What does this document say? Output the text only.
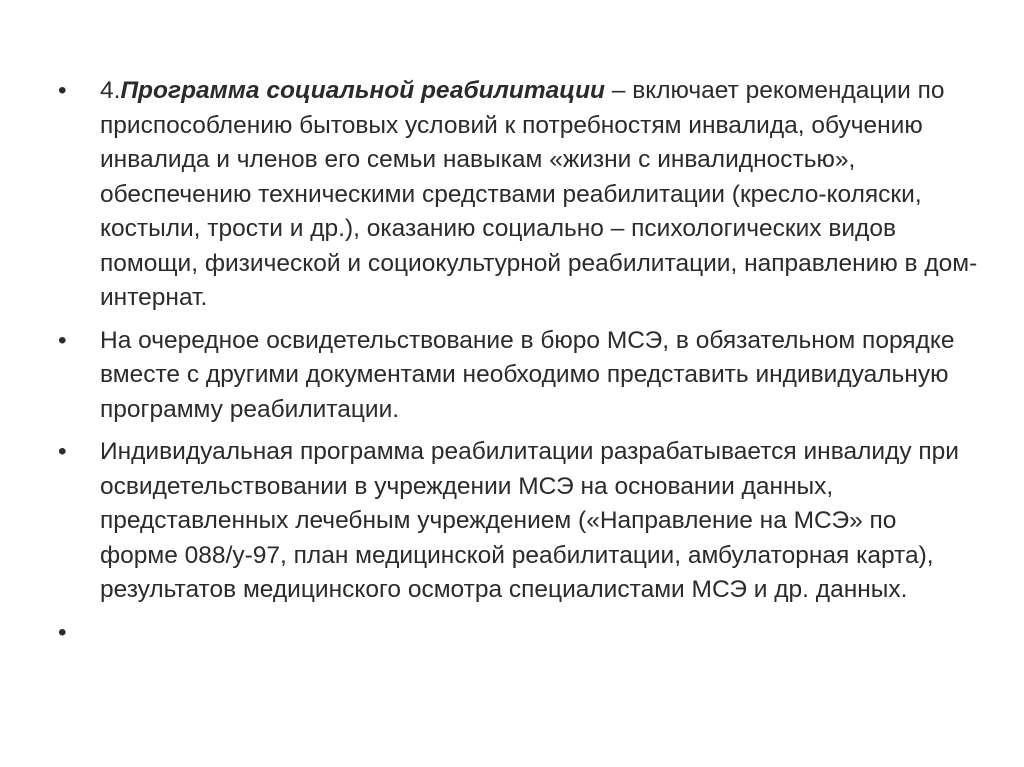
•	4.Программа социальной реабилитации – включает рекомендации по приспособлению бытовых условий к потребностям инвалида, обучению инвалида и членов его семьи навыкам «жизни с инвалидностью», обеспечению техническими средствами реабилитации (кресло-коляски, костыли, трости и др.), оказанию социально – психологических видов помощи, физической и социокультурной реабилитации, направлению в дом-интернат.
•	На очередное освидетельствование в бюро МСЭ, в обязательном порядке вместе с другими документами необходимо представить индивидуальную программу реабилитации.
•	Индивидуальная программа реабилитации разрабатывается инвалиду при освидетельствовании в учреждении МСЭ на основании данных, представленных лечебным учреждением («Направление на МСЭ» по форме 088/у-97, план медицинской реабилитации, амбулаторная карта), результатов медицинского осмотра специалистами МСЭ и др. данных.
•
